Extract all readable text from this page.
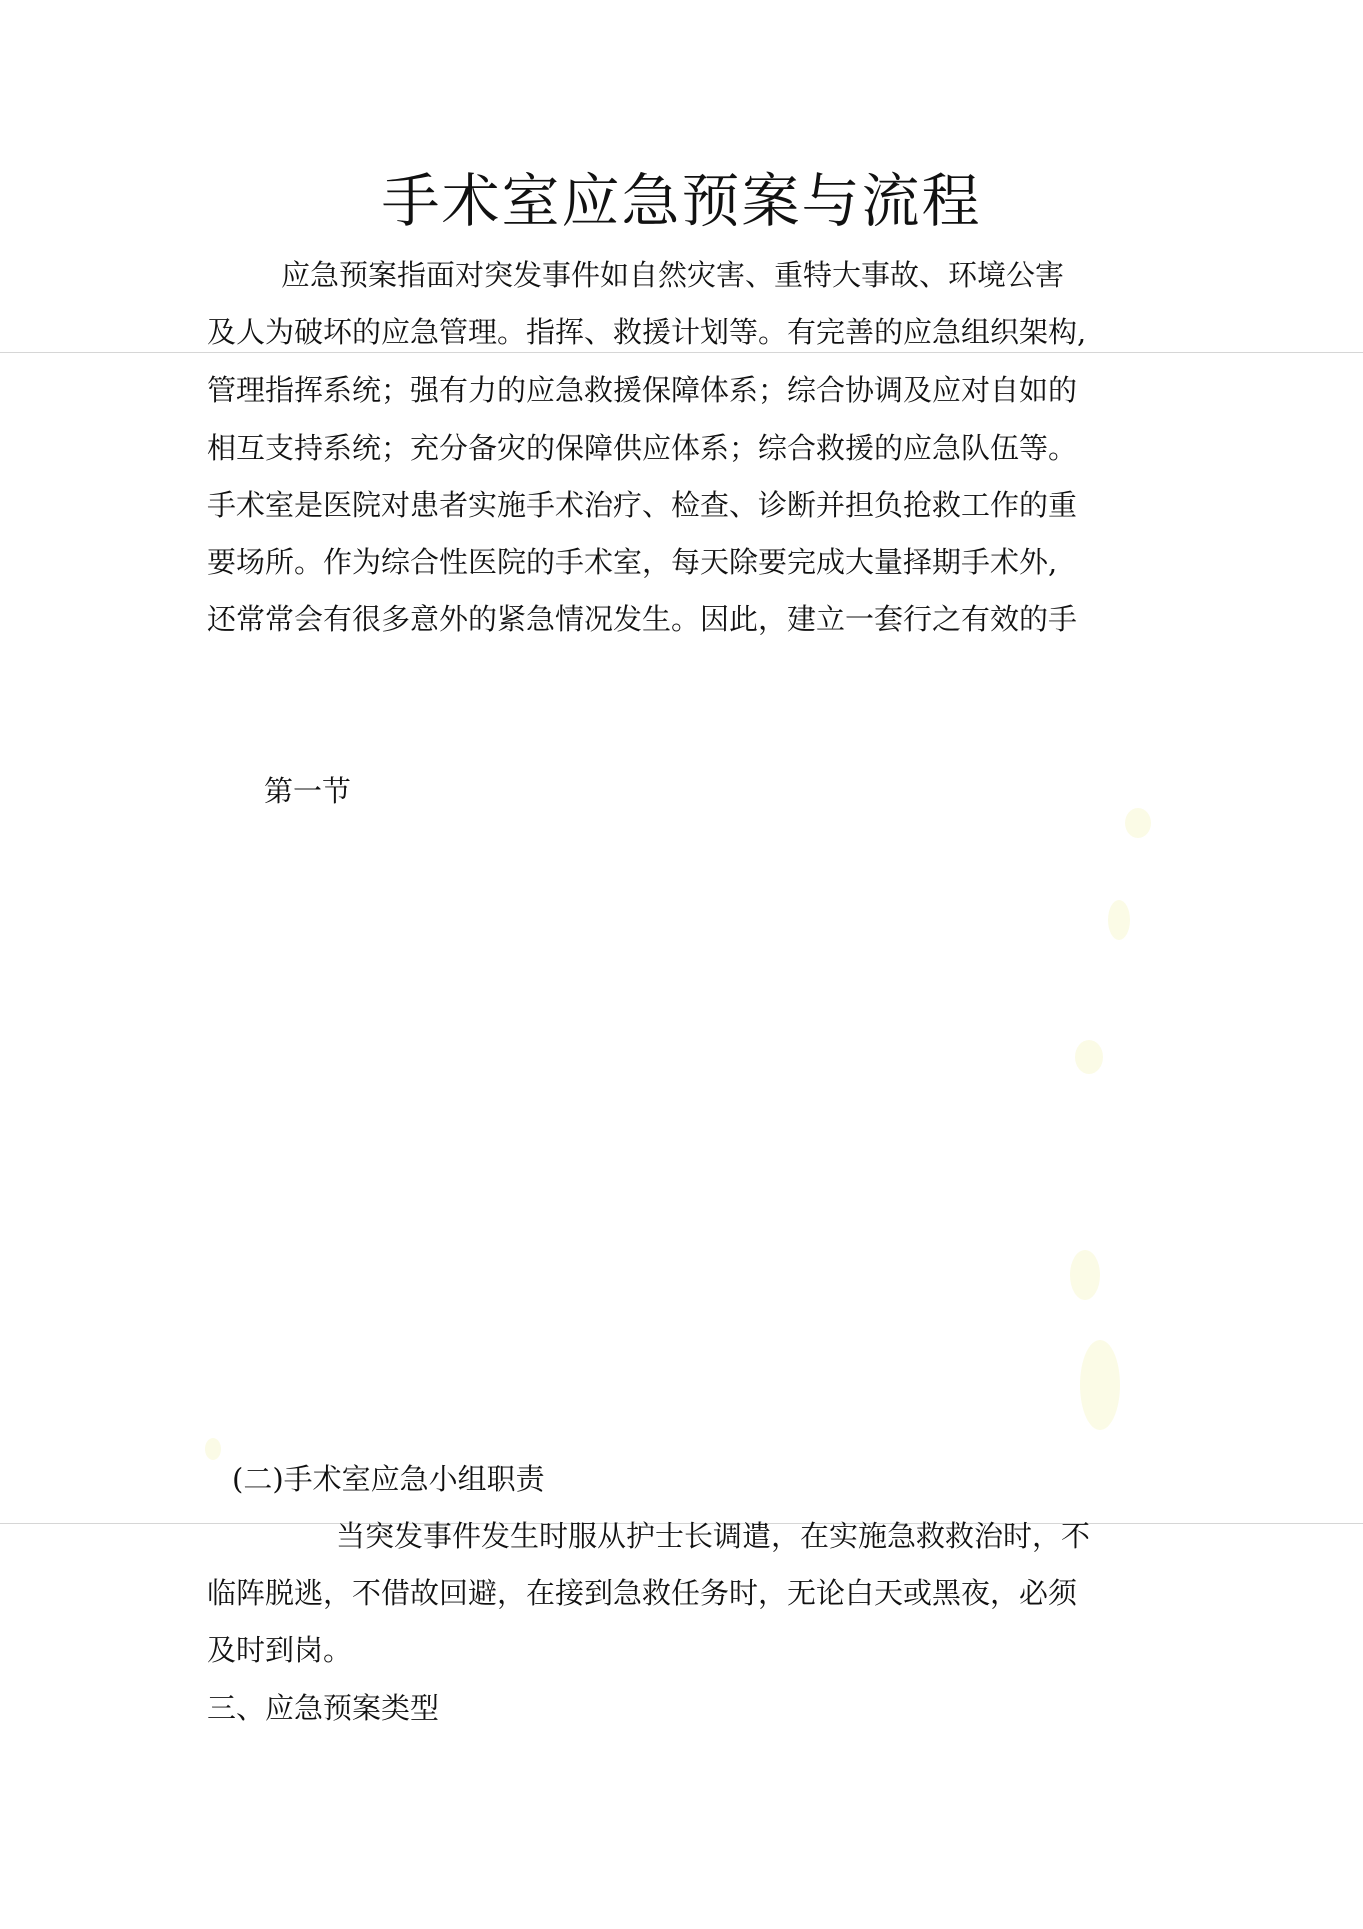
手术室应急预案与流程
应急预案指面对突发事件如自然灾害、重特大事故、环境公害
及人为破坏的应急管理。指挥、救援计划等。有完善的应急组织架构,
管理指挥系统；强有力的应急救援保障体系；综合协调及应对自如的
相互支持系统；充分备灾的保障供应体系；综合救援的应急队伍等。
手术室是医院对患者实施手术治疗、检查、诊断并担负抢救工作的重
要场所。作为综合性医院的手术室，每天除要完成大量择期手术外,
还常常会有很多意外的紧急情况发生。因此，建立一套行之有效的手
第一节
(二)手术室应急小组职责
当突发事件发生时服从护士长调遣，在实施急救救治时，不
临阵脱逃，不借故回避，在接到急救任务时，无论白天或黑夜，必须
及时到岗。
三、应急预案类型
